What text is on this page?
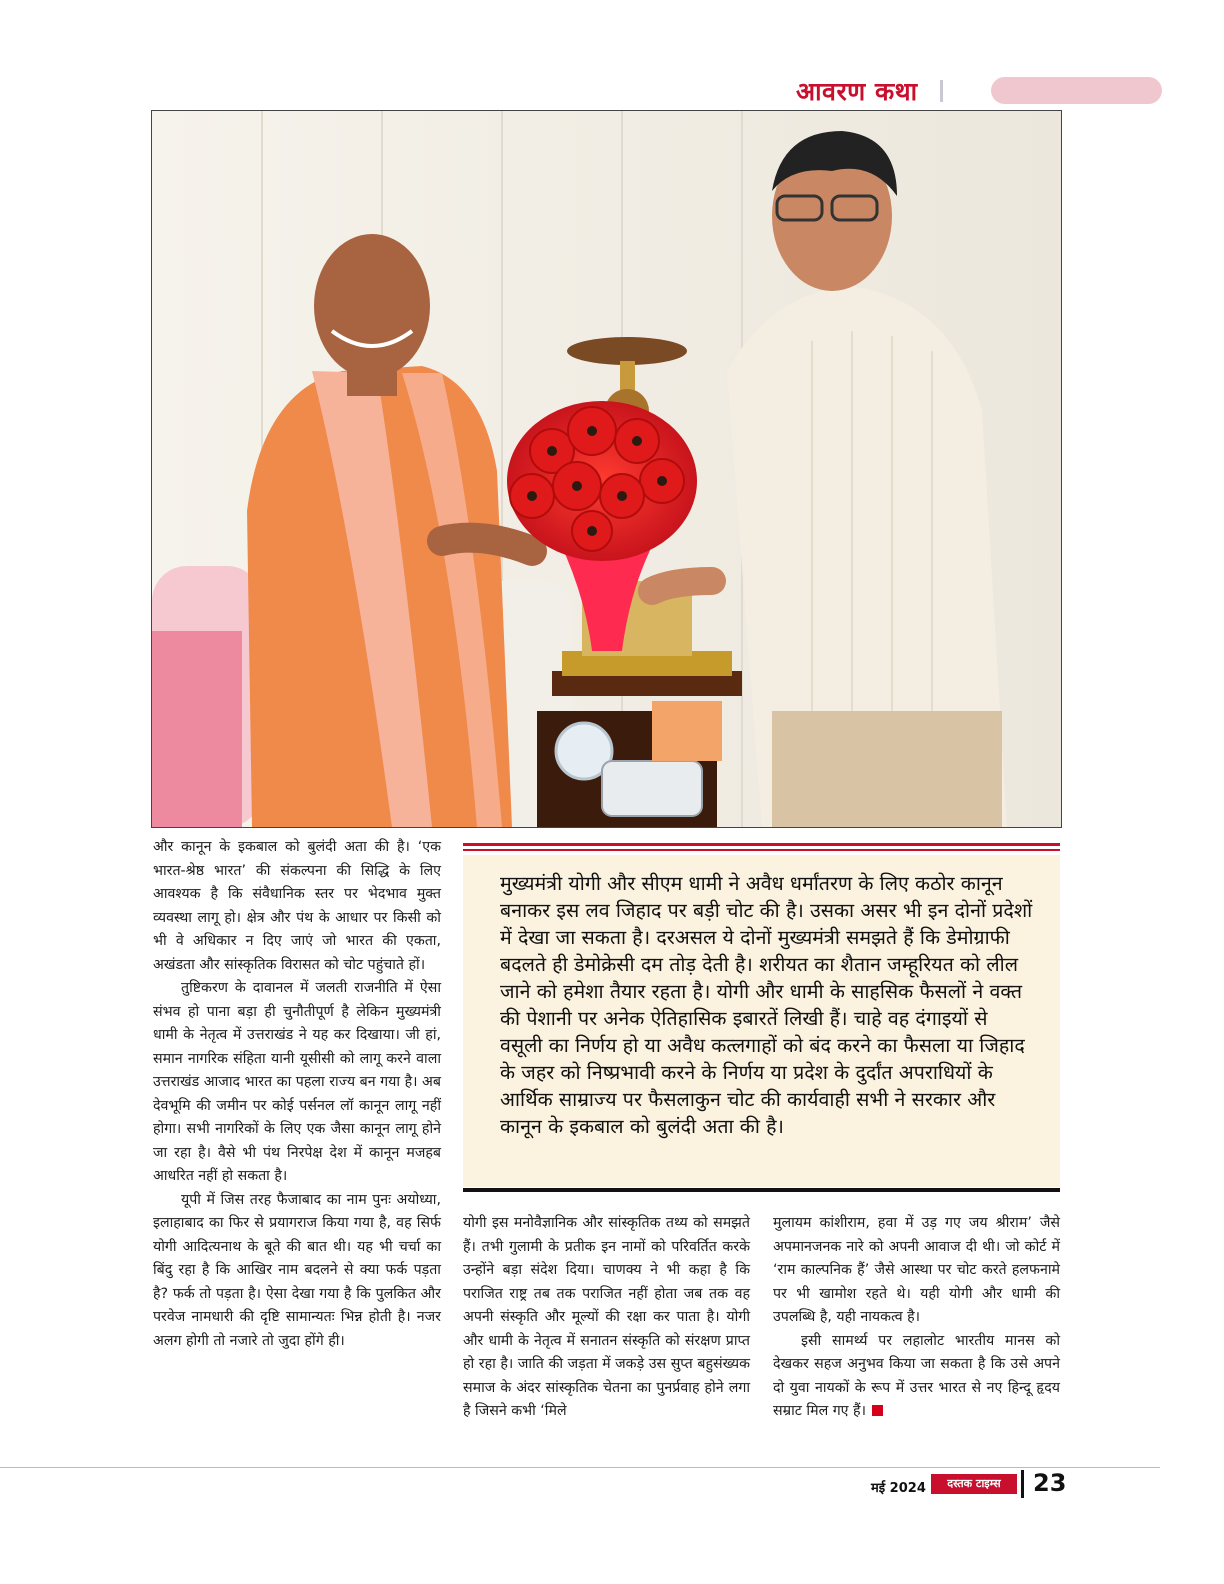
आवरण कथा

और कानून के इकबाल को बुलंदी अता की है। ‘एक भारत-श्रेष्ठ भारत’ की संकल्पना की सिद्धि के लिए आवश्यक है कि संवैधानिक स्तर पर भेदभाव मुक्त व्यवस्था लागू हो। क्षेत्र और पंथ के आधार पर किसी को भी वे अधिकार न दिए जाएं जो भारत की एकता, अखंडता और सांस्कृतिक विरासत को चोट पहुंचाते हों।

तुष्टिकरण के दावानल में जलती राजनीति में ऐसा संभव हो पाना बड़ा ही चुनौतीपूर्ण है लेकिन मुख्यमंत्री धामी के नेतृत्व में उत्तराखंड ने यह कर दिखाया। जी हां, समान नागरिक संहिता यानी यूसीसी को लागू करने वाला उत्तराखंड आजाद भारत का पहला राज्य बन गया है। अब देवभूमि की जमीन पर कोई पर्सनल लॉ कानून लागू नहीं होगा। सभी नागरिकों के लिए एक जैसा कानून लागू होने जा रहा है। वैसे भी पंथ निरपेक्ष देश में कानून मजहब आधरित नहीं हो सकता है।

यूपी में जिस तरह फैजाबाद का नाम पुनः अयोध्या, इलाहाबाद का फिर से प्रयागराज किया गया है, वह सिर्फ योगी आदित्यनाथ के बूते की बात थी। यह भी चर्चा का बिंदु रहा है कि आखिर नाम बदलने से क्या फर्क पड़ता है? फर्क तो पड़ता है। ऐसा देखा गया है कि पुलकित और परवेज नामधारी की दृष्टि सामान्यतः भिन्न होती है। नजर अलग होगी तो नजारे तो जुदा होंगे ही।

मुख्यमंत्री योगी और सीएम धामी ने अवैध धर्मांतरण के लिए कठोर कानून बनाकर इस लव जिहाद पर बड़ी चोट की है। उसका असर भी इन दोनों प्रदेशों में देखा जा सकता है। दरअसल ये दोनों मुख्यमंत्री समझते हैं कि डेमोग्राफी बदलते ही डेमोक्रेसी दम तोड़ देती है। शरीयत का शैतान जम्हूरियत को लील जाने को हमेशा तैयार रहता है। योगी और धामी के साहसिक फैसलों ने वक्त की पेशानी पर अनेक ऐतिहासिक इबारतें लिखी हैं। चाहे वह दंगाइयों से वसूली का निर्णय हो या अवैध कत्लगाहों को बंद करने का फैसला या जिहाद के जहर को निष्प्रभावी करने के निर्णय या प्रदेश के दुर्दांत अपराधियों के आर्थिक साम्राज्य पर फैसलाकुन चोट की कार्यवाही सभी ने सरकार और कानून के इकबाल को बुलंदी अता की है।

योगी इस मनोवैज्ञानिक और सांस्कृतिक तथ्य को समझते हैं। तभी गुलामी के प्रतीक इन नामों को परिवर्तित करके उन्होंने बड़ा संदेश दिया। चाणक्य ने भी कहा है कि पराजित राष्ट्र तब तक पराजित नहीं होता जब तक वह अपनी संस्कृति और मूल्यों की रक्षा कर पाता है। योगी और धामी के नेतृत्व में सनातन संस्कृति को संरक्षण प्राप्त हो रहा है। जाति की जड़ता में जकड़े उस सुप्त बहुसंख्यक समाज के अंदर सांस्कृतिक चेतना का पुनर्प्रवाह होने लगा है जिसने कभी ‘मिले

मुलायम कांशीराम, हवा में उड़ गए जय श्रीराम’ जैसे अपमानजनक नारे को अपनी आवाज दी थी। जो कोर्ट में ‘राम काल्पनिक हैं’ जैसे आस्था पर चोट करते हलफनामे पर भी खामोश रहते थे। यही योगी और धामी की उपलब्धि है, यही नायकत्व है।

इसी सामर्थ्य पर लहालोट भारतीय मानस को देखकर सहज अनुभव किया जा सकता है कि उसे अपने दो युवा नायकों के रूप में उत्तर भारत से नए हिन्दू हृदय सम्राट मिल गए हैं।

मई 2024	दस्तक टाइम्स	23
